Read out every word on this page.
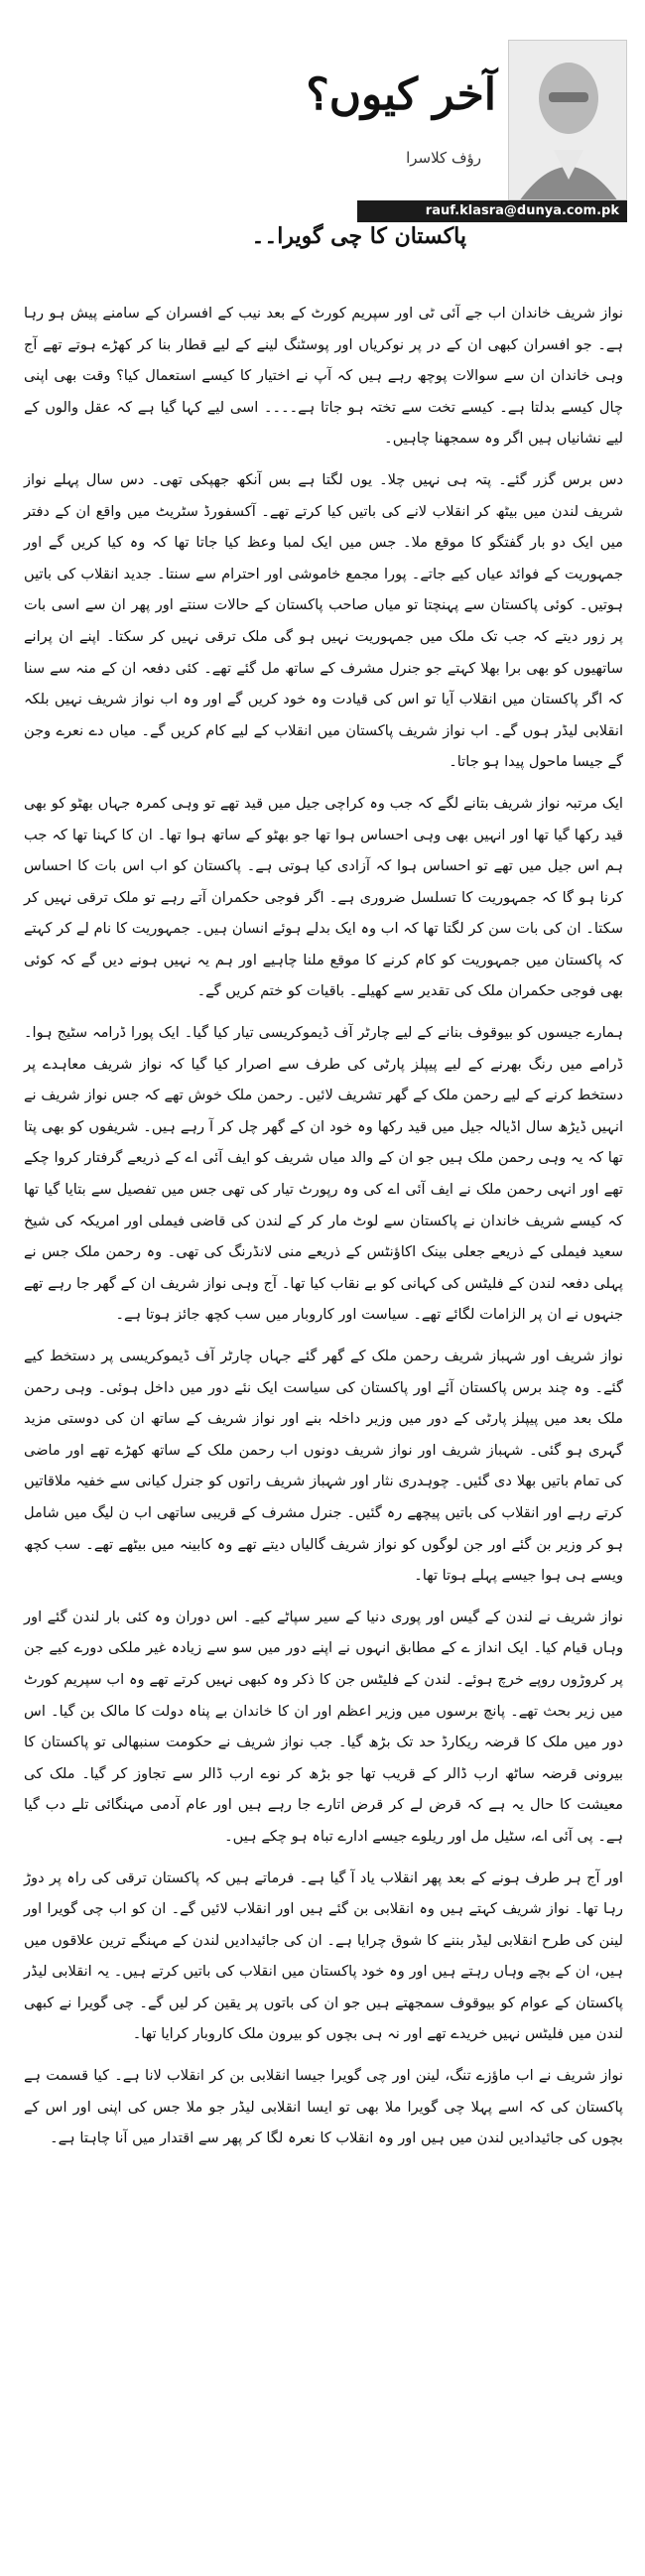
آخر کیوں؟
رؤف کلاسرا
rauf.klasra@dunya.com.pk
پاکستان کا چی گویرا۔۔

نواز شریف خاندان اب جے آئی ٹی اور سپریم کورٹ کے بعد نیب کے افسران کے سامنے پیش ہو رہا ہے۔ جو افسران کبھی ان کے در پر نوکریاں اور پوسٹنگ لینے کے لیے قطار بنا کر کھڑے ہوتے تھے آج وہی خاندان ان سے سوالات پوچھ رہے ہیں کہ آپ نے اختیار کا کیسے استعمال کیا؟ وقت بھی اپنی چال کیسے بدلتا ہے۔ کیسے تخت سے تختہ ہو جاتا ہے۔۔۔۔ اسی لیے کہا گیا ہے کہ عقل والوں کے لیے نشانیاں ہیں اگر وہ سمجھنا چاہیں۔

دس برس گزر گئے۔ پتہ ہی نہیں چلا۔ یوں لگتا ہے بس آنکھ جھپکی تھی۔ دس سال پہلے نواز شریف لندن میں بیٹھ کر انقلاب لانے کی باتیں کیا کرتے تھے۔ آکسفورڈ سٹریٹ میں واقع ان کے دفتر میں ایک دو بار گفتگو کا موقع ملا۔ جس میں ایک لمبا وعظ کیا جاتا تھا کہ وہ کیا کریں گے اور جمہوریت کے فوائد عیاں کیے جاتے۔ پورا مجمع خاموشی اور احترام سے سنتا۔ جدید انقلاب کی باتیں ہوتیں۔ کوئی پاکستان سے پہنچتا تو میاں صاحب پاکستان کے حالات سنتے اور پھر ان سے اسی بات پر زور دیتے کہ جب تک ملک میں جمہوریت نہیں ہو گی ملک ترقی نہیں کر سکتا۔ اپنے ان پرانے ساتھیوں کو بھی برا بھلا کہتے جو جنرل مشرف کے ساتھ مل گئے تھے۔ کئی دفعہ ان کے منہ سے سنا کہ اگر پاکستان میں انقلاب آیا تو اس کی قیادت وہ خود کریں گے اور وہ اب نواز شریف نہیں بلکہ انقلابی لیڈر ہوں گے۔ اب نواز شریف پاکستان میں انقلاب کے لیے کام کریں گے۔ میاں دے نعرے وجن گے جیسا ماحول پیدا ہو جاتا۔

ایک مرتبہ نواز شریف بتانے لگے کہ جب وہ کراچی جیل میں قید تھے تو وہی کمرہ جہاں بھٹو کو بھی قید رکھا گیا تھا اور انہیں بھی وہی احساس ہوا تھا جو بھٹو کے ساتھ ہوا تھا۔ ان کا کہنا تھا کہ جب ہم اس جیل میں تھے تو احساس ہوا کہ آزادی کیا ہوتی ہے۔ پاکستان کو اب اس بات کا احساس کرنا ہو گا کہ جمہوریت کا تسلسل ضروری ہے۔ اگر فوجی حکمران آتے رہے تو ملک ترقی نہیں کر سکتا۔ ان کی بات سن کر لگتا تھا کہ اب وہ ایک بدلے ہوئے انسان ہیں۔ جمہوریت کا نام لے کر کہتے کہ پاکستان میں جمہوریت کو کام کرنے کا موقع ملنا چاہیے اور ہم یہ نہیں ہونے دیں گے کہ کوئی بھی فوجی حکمران ملک کی تقدیر سے کھیلے۔ باقیات کو ختم کریں گے۔

ہمارے جیسوں کو بیوقوف بنانے کے لیے چارٹر آف ڈیموکریسی تیار کیا گیا۔ ایک پورا ڈرامہ سٹیج ہوا۔ ڈرامے میں رنگ بھرنے کے لیے پیپلز پارٹی کی طرف سے اصرار کیا گیا کہ نواز شریف معاہدے پر دستخط کرنے کے لیے رحمن ملک کے گھر تشریف لائیں۔ رحمن ملک خوش تھے کہ جس نواز شریف نے انہیں ڈیڑھ سال اڈیالہ جیل میں قید رکھا وہ خود ان کے گھر چل کر آ رہے ہیں۔ شریفوں کو بھی پتا تھا کہ یہ وہی رحمن ملک ہیں جو ان کے والد میاں شریف کو ایف آئی اے کے ذریعے گرفتار کروا چکے تھے اور انہی رحمن ملک نے ایف آئی اے کی وہ رپورٹ تیار کی تھی جس میں تفصیل سے بتایا گیا تھا کہ کیسے شریف خاندان نے پاکستان سے لوٹ مار کر کے لندن کی قاضی فیملی اور امریکہ کی شیخ سعید فیملی کے ذریعے جعلی بینک اکاؤنٹس کے ذریعے منی لانڈرنگ کی تھی۔ وہ رحمن ملک جس نے پہلی دفعہ لندن کے فلیٹس کی کہانی کو بے نقاب کیا تھا۔ آج وہی نواز شریف ان کے گھر جا رہے تھے جنہوں نے ان پر الزامات لگائے تھے۔ سیاست اور کاروبار میں سب کچھ جائز ہوتا ہے۔

نواز شریف اور شہباز شریف رحمن ملک کے گھر گئے جہاں چارٹر آف ڈیموکریسی پر دستخط کیے گئے۔ وہ چند برس پاکستان آئے اور پاکستان کی سیاست ایک نئے دور میں داخل ہوئی۔ وہی رحمن ملک بعد میں پیپلز پارٹی کے دور میں وزیر داخلہ بنے اور نواز شریف کے ساتھ ان کی دوستی مزید گہری ہو گئی۔ شہباز شریف اور نواز شریف دونوں اب رحمن ملک کے ساتھ کھڑے تھے اور ماضی کی تمام باتیں بھلا دی گئیں۔ چوہدری نثار اور شہباز شریف راتوں کو جنرل کیانی سے خفیہ ملاقاتیں کرتے رہے اور انقلاب کی باتیں پیچھے رہ گئیں۔ جنرل مشرف کے قریبی ساتھی اب ن لیگ میں شامل ہو کر وزیر بن گئے اور جن لوگوں کو نواز شریف گالیاں دیتے تھے وہ کابینہ میں بیٹھے تھے۔ سب کچھ ویسے ہی ہوا جیسے پہلے ہوتا تھا۔

نواز شریف نے لندن کے گیس اور پوری دنیا کے سیر سپاٹے کیے۔ اس دوران وہ کئی بار لندن گئے اور وہاں قیام کیا۔ ایک انداز ے کے مطابق انہوں نے اپنے دور میں سو سے زیادہ غیر ملکی دورے کیے جن پر کروڑوں روپے خرچ ہوئے۔ لندن کے فلیٹس جن کا ذکر وہ کبھی نہیں کرتے تھے وہ اب سپریم کورٹ میں زیر بحث تھے۔ پانچ برسوں میں وزیر اعظم اور ان کا خاندان بے پناہ دولت کا مالک بن گیا۔ اس دور میں ملک کا قرضہ ریکارڈ حد تک بڑھ گیا۔ جب نواز شریف نے حکومت سنبھالی تو پاکستان کا بیرونی قرضہ ساٹھ ارب ڈالر کے قریب تھا جو بڑھ کر نوے ارب ڈالر سے تجاوز کر گیا۔ ملک کی معیشت کا حال یہ ہے کہ قرض لے کر قرض اتارے جا رہے ہیں اور عام آدمی مہنگائی تلے دب گیا ہے۔ پی آئی اے، سٹیل مل اور ریلوے جیسے ادارے تباہ ہو چکے ہیں۔

اور آج ہر طرف ہونے کے بعد پھر انقلاب یاد آ گیا ہے۔ فرماتے ہیں کہ پاکستان ترقی کی راہ پر دوڑ رہا تھا۔ نواز شریف کہتے ہیں وہ انقلابی بن گئے ہیں اور انقلاب لائیں گے۔ ان کو اب چی گویرا اور لینن کی طرح انقلابی لیڈر بننے کا شوق چرایا ہے۔ ان کی جائیدادیں لندن کے مہنگے ترین علاقوں میں ہیں، ان کے بچے وہاں رہتے ہیں اور وہ خود پاکستان میں انقلاب کی باتیں کرتے ہیں۔ یہ انقلابی لیڈر پاکستان کے عوام کو بیوقوف سمجھتے ہیں جو ان کی باتوں پر یقین کر لیں گے۔ چی گویرا نے کبھی لندن میں فلیٹس نہیں خریدے تھے اور نہ ہی بچوں کو بیرون ملک کاروبار کرایا تھا۔

نواز شریف نے اب ماؤزے تنگ، لینن اور چی گویرا جیسا انقلابی بن کر انقلاب لانا ہے۔ کیا قسمت ہے پاکستان کی کہ اسے پہلا چی گویرا ملا بھی تو ایسا انقلابی لیڈر جو ملا جس کی اپنی اور اس کے بچوں کی جائیدادیں لندن میں ہیں اور وہ انقلاب کا نعرہ لگا کر پھر سے اقتدار میں آنا چاہتا ہے۔
